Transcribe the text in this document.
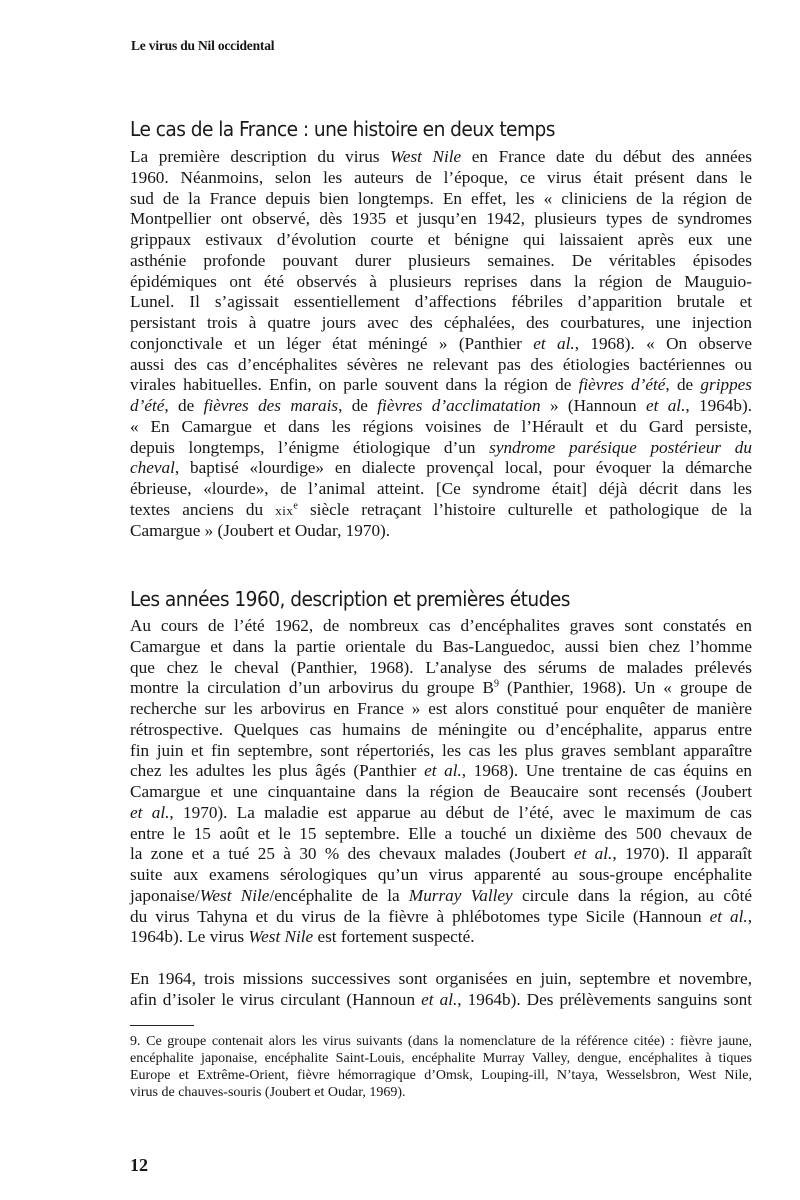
Le virus du Nil occidental
Le cas de la France : une histoire en deux temps
La première description du virus West Nile en France date du début des années
1960. Néanmoins, selon les auteurs de l’époque, ce virus était présent dans le
sud de la France depuis bien longtemps. En effet, les « cliniciens de la région de
Montpellier ont observé, dès 1935 et jusqu’en 1942, plusieurs types de syndromes
grippaux estivaux d’évolution courte et bénigne qui laissaient après eux une
asthénie profonde pouvant durer plusieurs semaines. De véritables épisodes
épidémiques ont été observés à plusieurs reprises dans la région de Mauguio-
Lunel. Il s’agissait essentiellement d’affections fébriles d’apparition brutale et
persistant trois à quatre jours avec des céphalées, des courbatures, une injection
conjonctivale et un léger état méningé » (Panthier et al., 1968). « On observe
aussi des cas d’encéphalites sévères ne relevant pas des étiologies bactériennes ou
virales habituelles. Enfin, on parle souvent dans la région de fièvres d’été, de grippes
d’été, de fièvres des marais, de fièvres d’acclimatation » (Hannoun et al., 1964b).
« En Camargue et dans les régions voisines de l’Hérault et du Gard persiste,
depuis longtemps, l’énigme étiologique d’un syndrome parésique postérieur du
cheval, baptisé «lourdige» en dialecte provençal local, pour évoquer la démarche
ébrieuse, «lourde», de l’animal atteint. [Ce syndrome était] déjà décrit dans les
textes anciens du xix$^e$ siècle retraçant l’histoire culturelle et pathologique de la
Camargue » (Joubert et Oudar, 1970).
Les années 1960, description et premières études
Au cours de l’été 1962, de nombreux cas d’encéphalites graves sont constatés en
Camargue et dans la partie orientale du Bas-Languedoc, aussi bien chez l’homme
que chez le cheval (Panthier, 1968). L’analyse des sérums de malades prélevés
montre la circulation d’un arbovirus du groupe $B^9$ (Panthier, 1968). Un « groupe de
recherche sur les arbovirus en France » est alors constitué pour enquêter de manière
rétrospective. Quelques cas humains de méningite ou d’encéphalite, apparus entre
fin juin et fin septembre, sont répertoriés, les cas les plus graves semblant apparaître
chez les adultes les plus âgés (Panthier et al., 1968). Une trentaine de cas équins en
Camargue et une cinquantaine dans la région de Beaucaire sont recensés (Joubert
et al., 1970). La maladie est apparue au début de l’été, avec le maximum de cas
entre le 15 août et le 15 septembre. Elle a touché un dixième des 500 chevaux de
la zone et a tué 25 à 30 % des chevaux malades (Joubert et al., 1970). Il apparaît
suite aux examens sérologiques qu’un virus apparenté au sous-groupe encéphalite
japonaise/West Nile/encéphalite de la Murray Valley circule dans la région, au côté
du virus Tahyna et du virus de la fièvre à phlébotomes type Sicile (Hannoun et al.,
1964b). Le virus West Nile est fortement suspecté.
En 1964, trois missions successives sont organisées en juin, septembre et novembre,
afin d’isoler le virus circulant (Hannoun et al., 1964b). Des prélèvements sanguins sont
9. Ce groupe contenait alors les virus suivants (dans la nomenclature de la référence citée) : fièvre jaune,
encéphalite japonaise, encéphalite Saint-Louis, encéphalite Murray Valley, dengue, encéphalites à tiques
Europe et Extrême-Orient, fièvre hémorragique d’Omsk, Louping-ill, N’taya, Wesselsbron, West Nile,
virus de chauves-souris (Joubert et Oudar, 1969).
12
